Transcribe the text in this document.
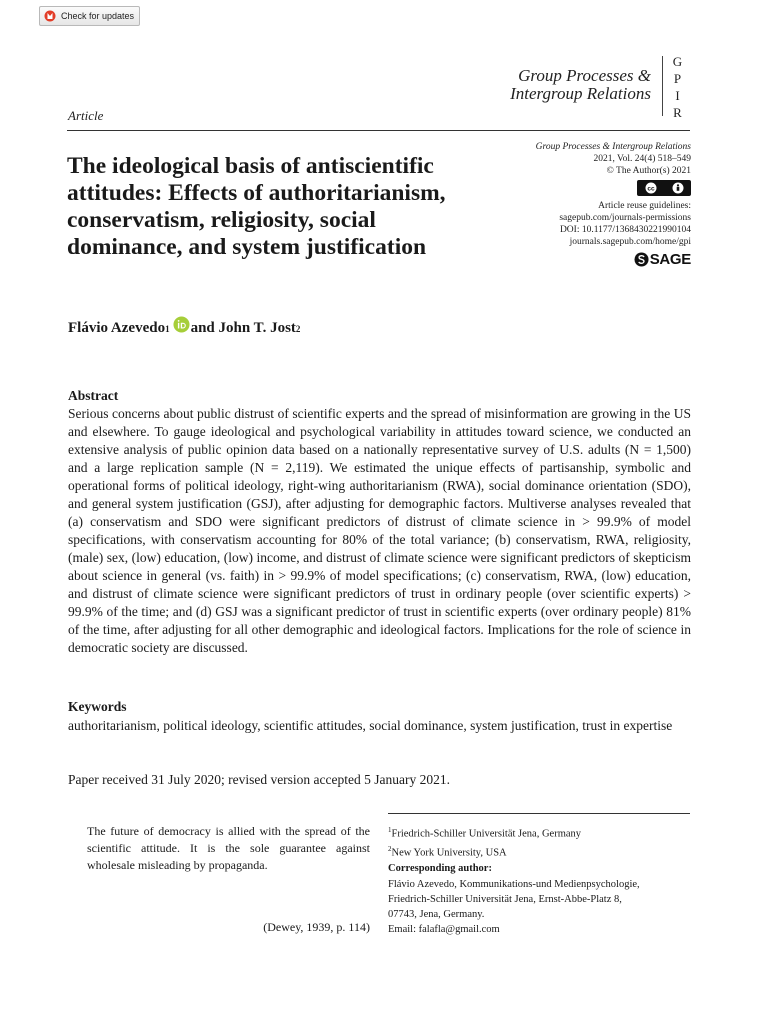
Check for updates
Group Processes &
Intergroup Relations
G
P
I
R
Article
The ideological basis of antiscientific attitudes: Effects of authoritarianism, conservatism, religiosity, social dominance, and system justification
Group Processes & Intergroup Relations
2021, Vol. 24(4) 518–549
© The Author(s) 2021
cc
Article reuse guidelines:
sagepub.com/journals-permissions
DOI: 10.1177/1368430221990104
journals.sagepub.com/home/gpi
SAGE
Flávio Azevedo 1 and John T. Jost 2
Abstract
Serious concerns about public distrust of scientific experts and the spread of misinformation are growing in the US and elsewhere. To gauge ideological and psychological variability in attitudes toward science, we conducted an extensive analysis of public opinion data based on a nationally representative survey of U.S. adults (N = 1,500) and a large replication sample (N = 2,119). We estimated the unique effects of partisanship, symbolic and operational forms of political ideology, right-wing authoritarianism (RWA), social dominance orientation (SDO), and general system justification (GSJ), after adjusting for demographic factors. Multiverse analyses revealed that (a) conservatism and SDO were significant predictors of distrust of climate science in > 99.9% of model specifications, with conservatism accounting for 80% of the total variance; (b) conservatism, RWA, religiosity, (male) sex, (low) education, (low) income, and distrust of climate science were significant predictors of skepticism about science in general (vs. faith) in > 99.9% of model specifications; (c) conservatism, RWA, (low) education, and distrust of climate science were significant predictors of trust in ordinary people (over scientific experts) > 99.9% of the time; and (d) GSJ was a significant predictor of trust in scientific experts (over ordinary people) 81% of the time, after adjusting for all other demographic and ideological factors. Implications for the role of science in democratic society are discussed.
Keywords
authoritarianism, political ideology, scientific attitudes, social dominance, system justification, trust in expertise
Paper received 31 July 2020; revised version accepted 5 January 2021.
The future of democracy is allied with the spread of the scientific attitude. It is the sole guarantee against wholesale misleading by propaganda.
(Dewey, 1939, p. 114)
$^1$Friedrich-Schiller Universität Jena, Germany
$^2$New York University, USA
Corresponding author:
Flávio Azevedo, Kommunikations-und Medienpsychologie,
Friedrich-Schiller Universität Jena, Ernst-Abbe-Platz 8,
07743, Jena, Germany.
Email: falafla@gmail.com
